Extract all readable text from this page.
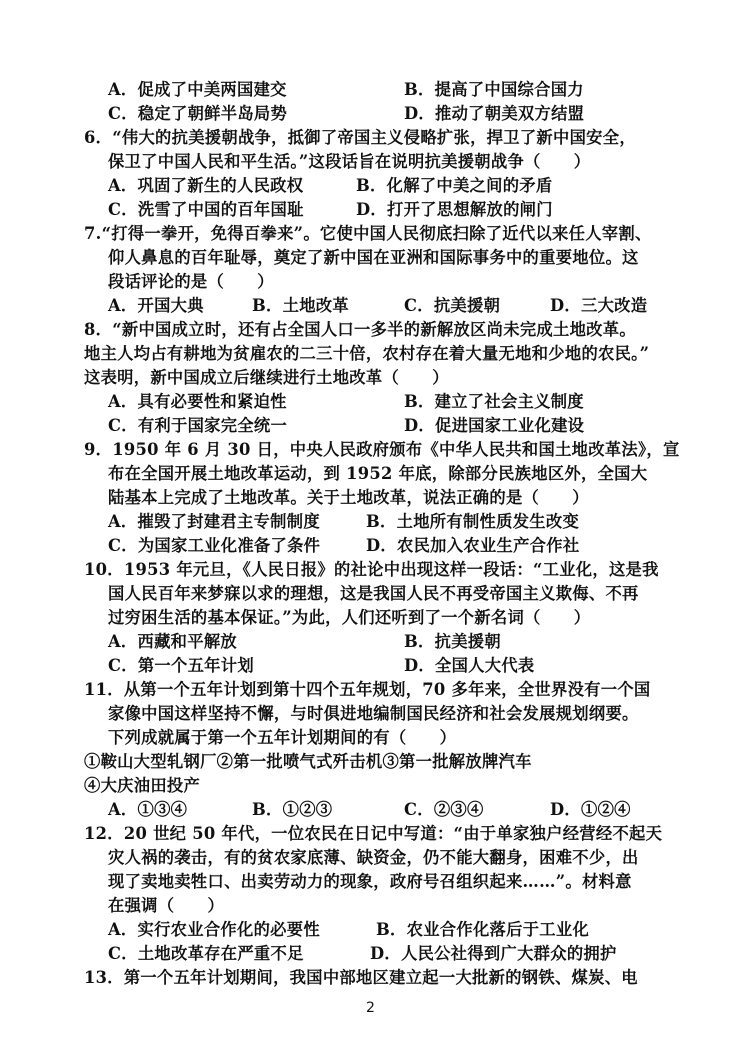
A．促成了中美两国建交	B．提高了中国综合国力
C．稳定了朝鲜半岛局势	D．推动了朝美双方结盟
6．“伟大的抗美援朝战争，抵御了帝国主义侵略扩张，捍卫了新中国安全，
保卫了中国人民和平生活。”这段话旨在说明抗美援朝战争（　　）
A．巩固了新生的人民政权	B．化解了中美之间的矛盾
C．洗雪了中国的百年国耻	D．打开了思想解放的闸门
7.“打得一拳开，免得百拳来”。它使中国人民彻底扫除了近代以来任人宰割、
仰人鼻息的百年耻辱，奠定了新中国在亚洲和国际事务中的重要地位。这
段话评论的是（　　）
A．开国大典	B．土地改革	C．抗美援朝	D．三大改造
8．“新中国成立时，还有占全国人口一多半的新解放区尚未完成土地改革。
地主人均占有耕地为贫雇农的二三十倍，农村存在着大量无地和少地的农民。”
这表明，新中国成立后继续进行土地改革（　　）
A．具有必要性和紧迫性	B．建立了社会主义制度
C．有利于国家完全统一	D．促进国家工业化建设
9．1950 年 6 月 30 日，中央人民政府颁布《中华人民共和国土地改革法》，宣
布在全国开展土地改革运动，到 1952 年底，除部分民族地区外，全国大
陆基本上完成了土地改革。关于土地改革，说法正确的是（　　）
A．摧毁了封建君主专制制度	B．土地所有制性质发生改变
C．为国家工业化准备了条件	D．农民加入农业生产合作社
10．1953 年元旦，《人民日报》的社论中出现这样一段话：“工业化，这是我
国人民百年来梦寐以求的理想，这是我国人民不再受帝国主义欺侮、不再
过穷困生活的基本保证。”为此，人们还听到了一个新名词（　　）
A．西藏和平解放	B．抗美援朝
C．第一个五年计划	D．全国人大代表
11．从第一个五年计划到第十四个五年规划，70 多年来，全世界没有一个国
家像中国这样坚持不懈，与时俱进地编制国民经济和社会发展规划纲要。
下列成就属于第一个五年计划期间的有（　　）
①鞍山大型轧钢厂②第一批喷气式歼击机③第一批解放牌汽车
④大庆油田投产
A．①③④	B．①②③	C．②③④	D．①②④
12．20 世纪 50 年代，一位农民在日记中写道：“由于单家独户经营经不起天
灾人祸的袭击，有的贫农家底薄、缺资金，仍不能大翻身，困难不少，出
现了卖地卖牲口、出卖劳动力的现象，政府号召组织起来……”。材料意
在强调（　　）
A．实行农业合作化的必要性	B．农业合作化落后于工业化
C．土地改革存在严重不足	D．人民公社得到广大群众的拥护
13．第一个五年计划期间，我国中部地区建立起一大批新的钢铁、煤炭、电
2
